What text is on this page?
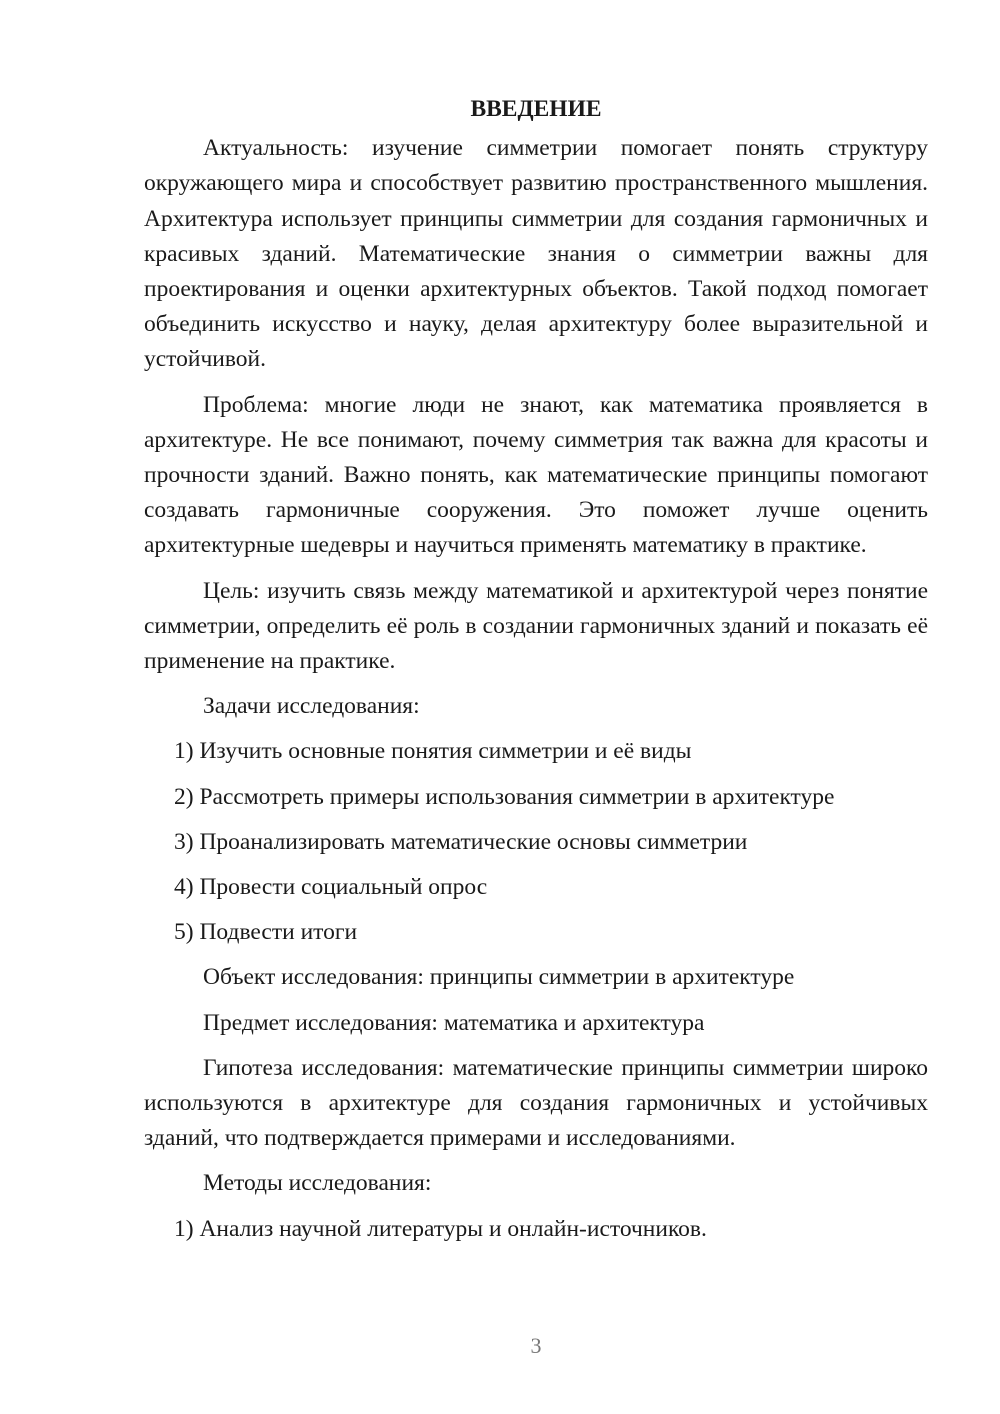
ВВЕДЕНИЕ
Актуальность: изучение симметрии помогает понять структуру окружающего мира и способствует развитию пространственного мышления. Архитектура использует принципы симметрии для создания гармоничных и красивых зданий. Математические знания о симметрии важны для проектирования и оценки архитектурных объектов. Такой подход помогает объединить искусство и науку, делая архитектуру более выразительной и устойчивой.
Проблема: многие люди не знают, как математика проявляется в архитектуре. Не все понимают, почему симметрия так важна для красоты и прочности зданий. Важно понять, как математические принципы помогают создавать гармоничные сооружения. Это поможет лучше оценить архитектурные шедевры и научиться применять математику в практике.
Цель: изучить связь между математикой и архитектурой через понятие симметрии, определить её роль в создании гармоничных зданий и показать её применение на практике.
Задачи исследования:
1) Изучить основные понятия симметрии и её виды
2) Рассмотреть примеры использования симметрии в архитектуре
3) Проанализировать математические основы симметрии
4) Провести социальный опрос
5) Подвести итоги
Объект исследования: принципы симметрии в архитектуре
Предмет исследования: математика и архитектура
Гипотеза исследования: математические принципы симметрии широко используются в архитектуре для создания гармоничных и устойчивых зданий, что подтверждается примерами и исследованиями.
Методы исследования:
1) Анализ научной литературы и онлайн-источников.
3
